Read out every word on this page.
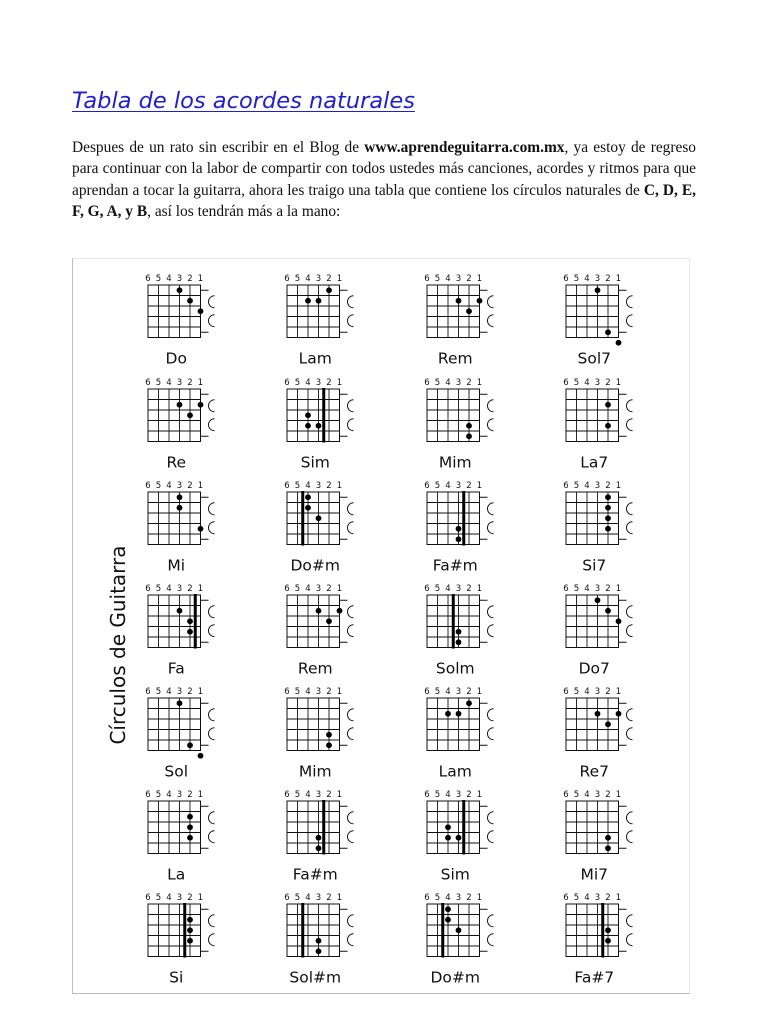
Tabla de los acordes naturales

Despues de un rato sin escribir en el Blog de www.aprendeguitarra.com.mx, ya estoy de regreso para continuar con la labor de compartir con todos ustedes más canciones, acordes y ritmos para que aprendan a tocar la guitarra, ahora les traigo una tabla que contiene los círculos naturales de C, D, E, F, G, A, y B, así los tendrán más a la mano:

Círculos de Guitarra
6 5 4 3 2 1
Do
6 5 4 3 2 1
Lam
6 5 4 3 2 1
Rem
6 5 4 3 2 1
Sol7
6 5 4 3 2 1
Re
6 5 4 3 2 1
Sim
6 5 4 3 2 1
Mim
6 5 4 3 2 1
La7
6 5 4 3 2 1
Mi
6 5 4 3 2 1
Do#m
6 5 4 3 2 1
Fa#m
6 5 4 3 2 1
Si7
6 5 4 3 2 1
Fa
6 5 4 3 2 1
Rem
6 5 4 3 2 1
Solm
6 5 4 3 2 1
Do7
6 5 4 3 2 1
Sol
6 5 4 3 2 1
Mim
6 5 4 3 2 1
Lam
6 5 4 3 2 1
Re7
6 5 4 3 2 1
La
6 5 4 3 2 1
Fa#m
6 5 4 3 2 1
Sim
6 5 4 3 2 1
Mi7
6 5 4 3 2 1
Si
6 5 4 3 2 1
Sol#m
6 5 4 3 2 1
Do#m
6 5 4 3 2 1
Fa#7
